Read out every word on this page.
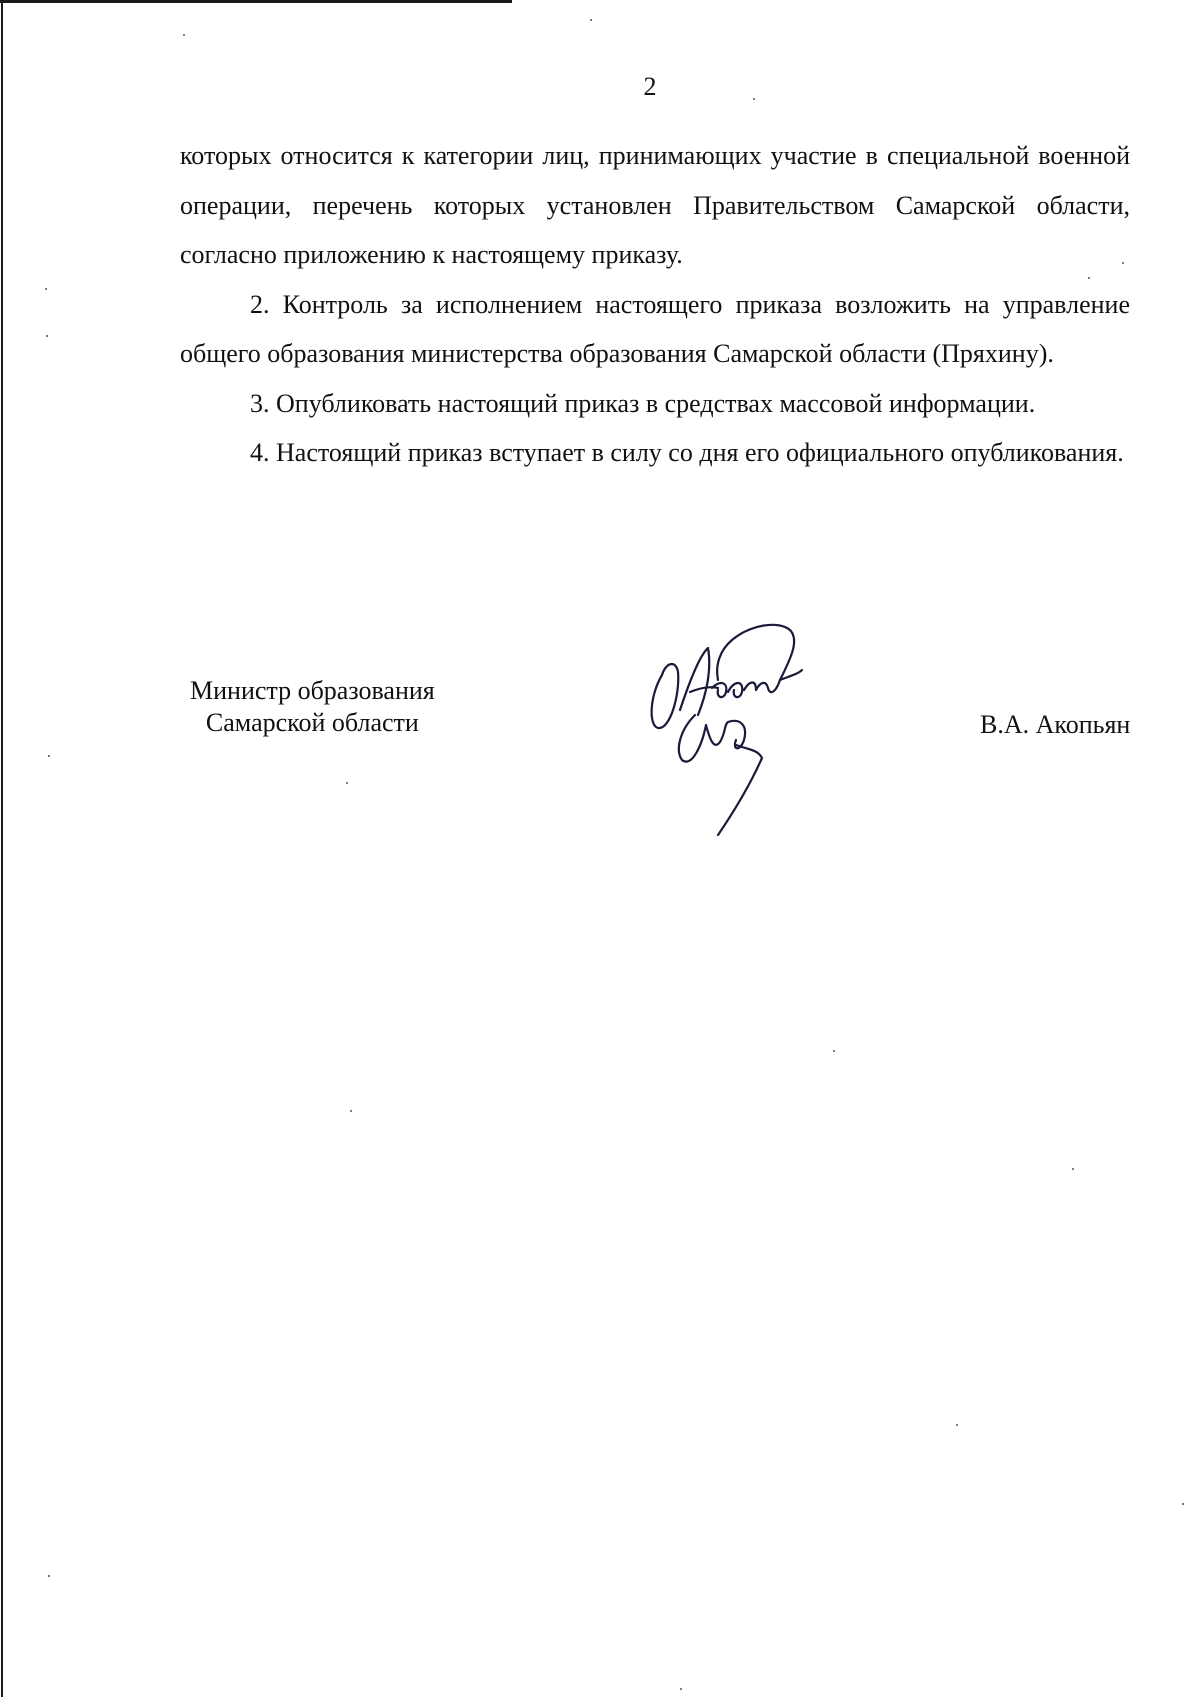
2

которых относится к категории лиц, принимающих участие в специальной военной операции, перечень которых установлен Правительством Самарской области, согласно приложению к настоящему приказу.

2. Контроль за исполнением настоящего приказа возложить на управление общего образования министерства образования Самарской области (Пряхину).

3. Опубликовать настоящий приказ в средствах массовой информации.

4. Настоящий приказ вступает в силу со дня его официального опубликования.

Министр образования
Самарской области	В.А. Акопьян
